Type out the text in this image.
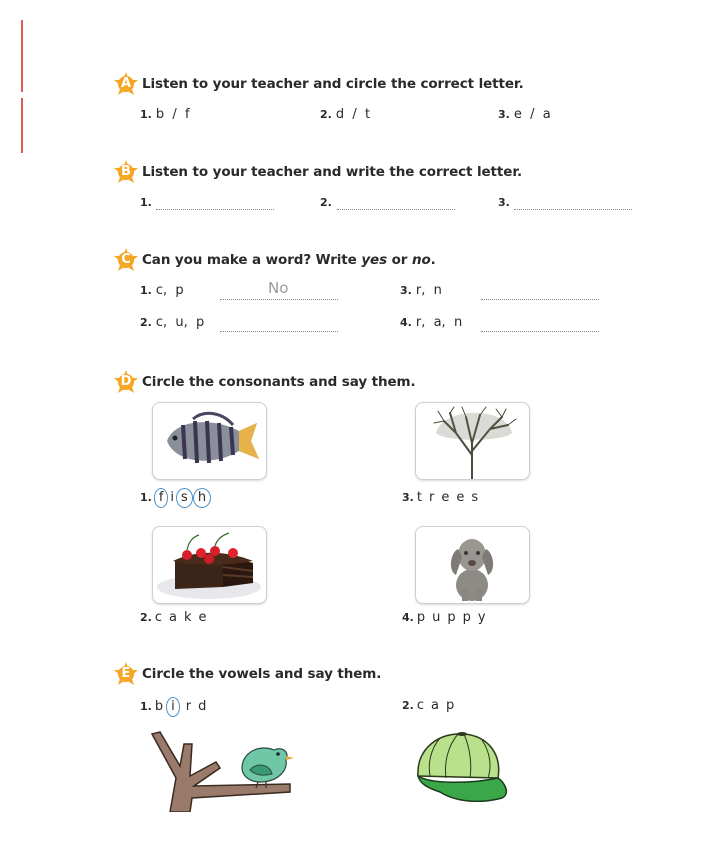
A Listen to your teacher and circle the correct letter.
1. b  /  f	2. d  /  t	3. e  /  a
B Listen to your teacher and write the correct letter.
1.	2.	3.
C Can you make a word? Write yes or no.
1. c,  p	No
2. c,  u,  p
3. r,  n
4. r,  a,  n
D Circle the consonants and say them.
1. f i s h	3. t r e e s
2. c a k e	4. p u p p y
E Circle the vowels and say them.
1. b i r d	2. c a p
